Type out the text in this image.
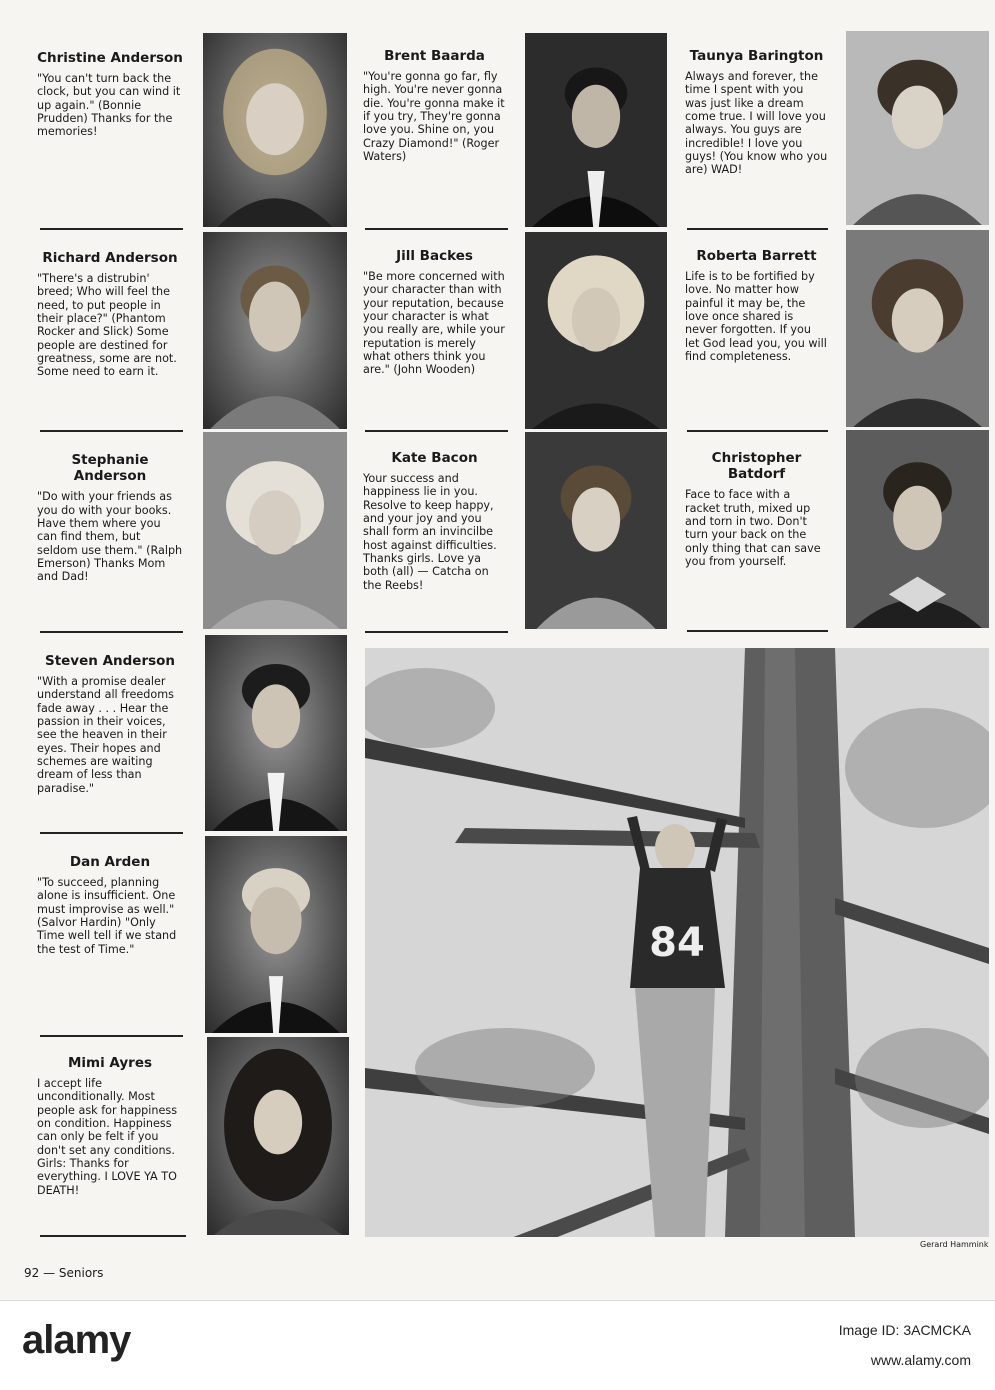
Christine Anderson
"You can't turn back the clock, but you can wind it up again." (Bonnie Prudden) Thanks for the memories!
Richard Anderson
"There's a distrubin' breed; Who will feel the need, to put people in their place?" (Phantom Rocker and Slick) Some people are destined for greatness, some are not. Some need to earn it.
Stephanie Anderson
"Do with your friends as you do with your books. Have them where you can find them, but seldom use them." (Ralph Emerson) Thanks Mom and Dad!
Steven Anderson
"With a promise dealer understand all freedoms fade away . . . Hear the passion in their voices, see the heaven in their eyes. Their hopes and schemes are waiting dream of less than paradise."
Dan Arden
"To succeed, planning alone is insufficient. One must improvise as well." (Salvor Hardin) "Only Time well tell if we stand the test of Time."
Mimi Ayres
I accept life unconditionally. Most people ask for happiness on condition. Happiness can only be felt if you don't set any conditions. Girls: Thanks for everything. I LOVE YA TO DEATH!
Brent Baarda
"You're gonna go far, fly high. You're never gonna die. You're gonna make it if you try, They're gonna love you. Shine on, you Crazy Diamond!" (Roger Waters)
Jill Backes
"Be more concerned with your character than with your reputation, because your character is what you really are, while your reputation is merely what others think you are." (John Wooden)
Kate Bacon
Your success and happiness lie in you. Resolve to keep happy, and your joy and you shall form an invincilbe host against difficulties. Thanks girls. Love ya both (all) — Catcha on the Reebs!
Taunya Barington
Always and forever, the time I spent with you was just like a dream come true. I will love you always. You guys are incredible! I love you guys! (You know who you are) WAD!
Roberta Barrett
Life is to be fortified by love. No matter how painful it may be, the love once shared is never forgotten. If you let God lead you, you will find completeness.
Christopher Batdorf
Face to face with a racket truth, mixed up and torn in two. Don't turn your back on the only thing that can save you from yourself.
84
Gerard Hammink
92 — Seniors
alamy	Image ID: 3ACMCKA
www.alamy.com
